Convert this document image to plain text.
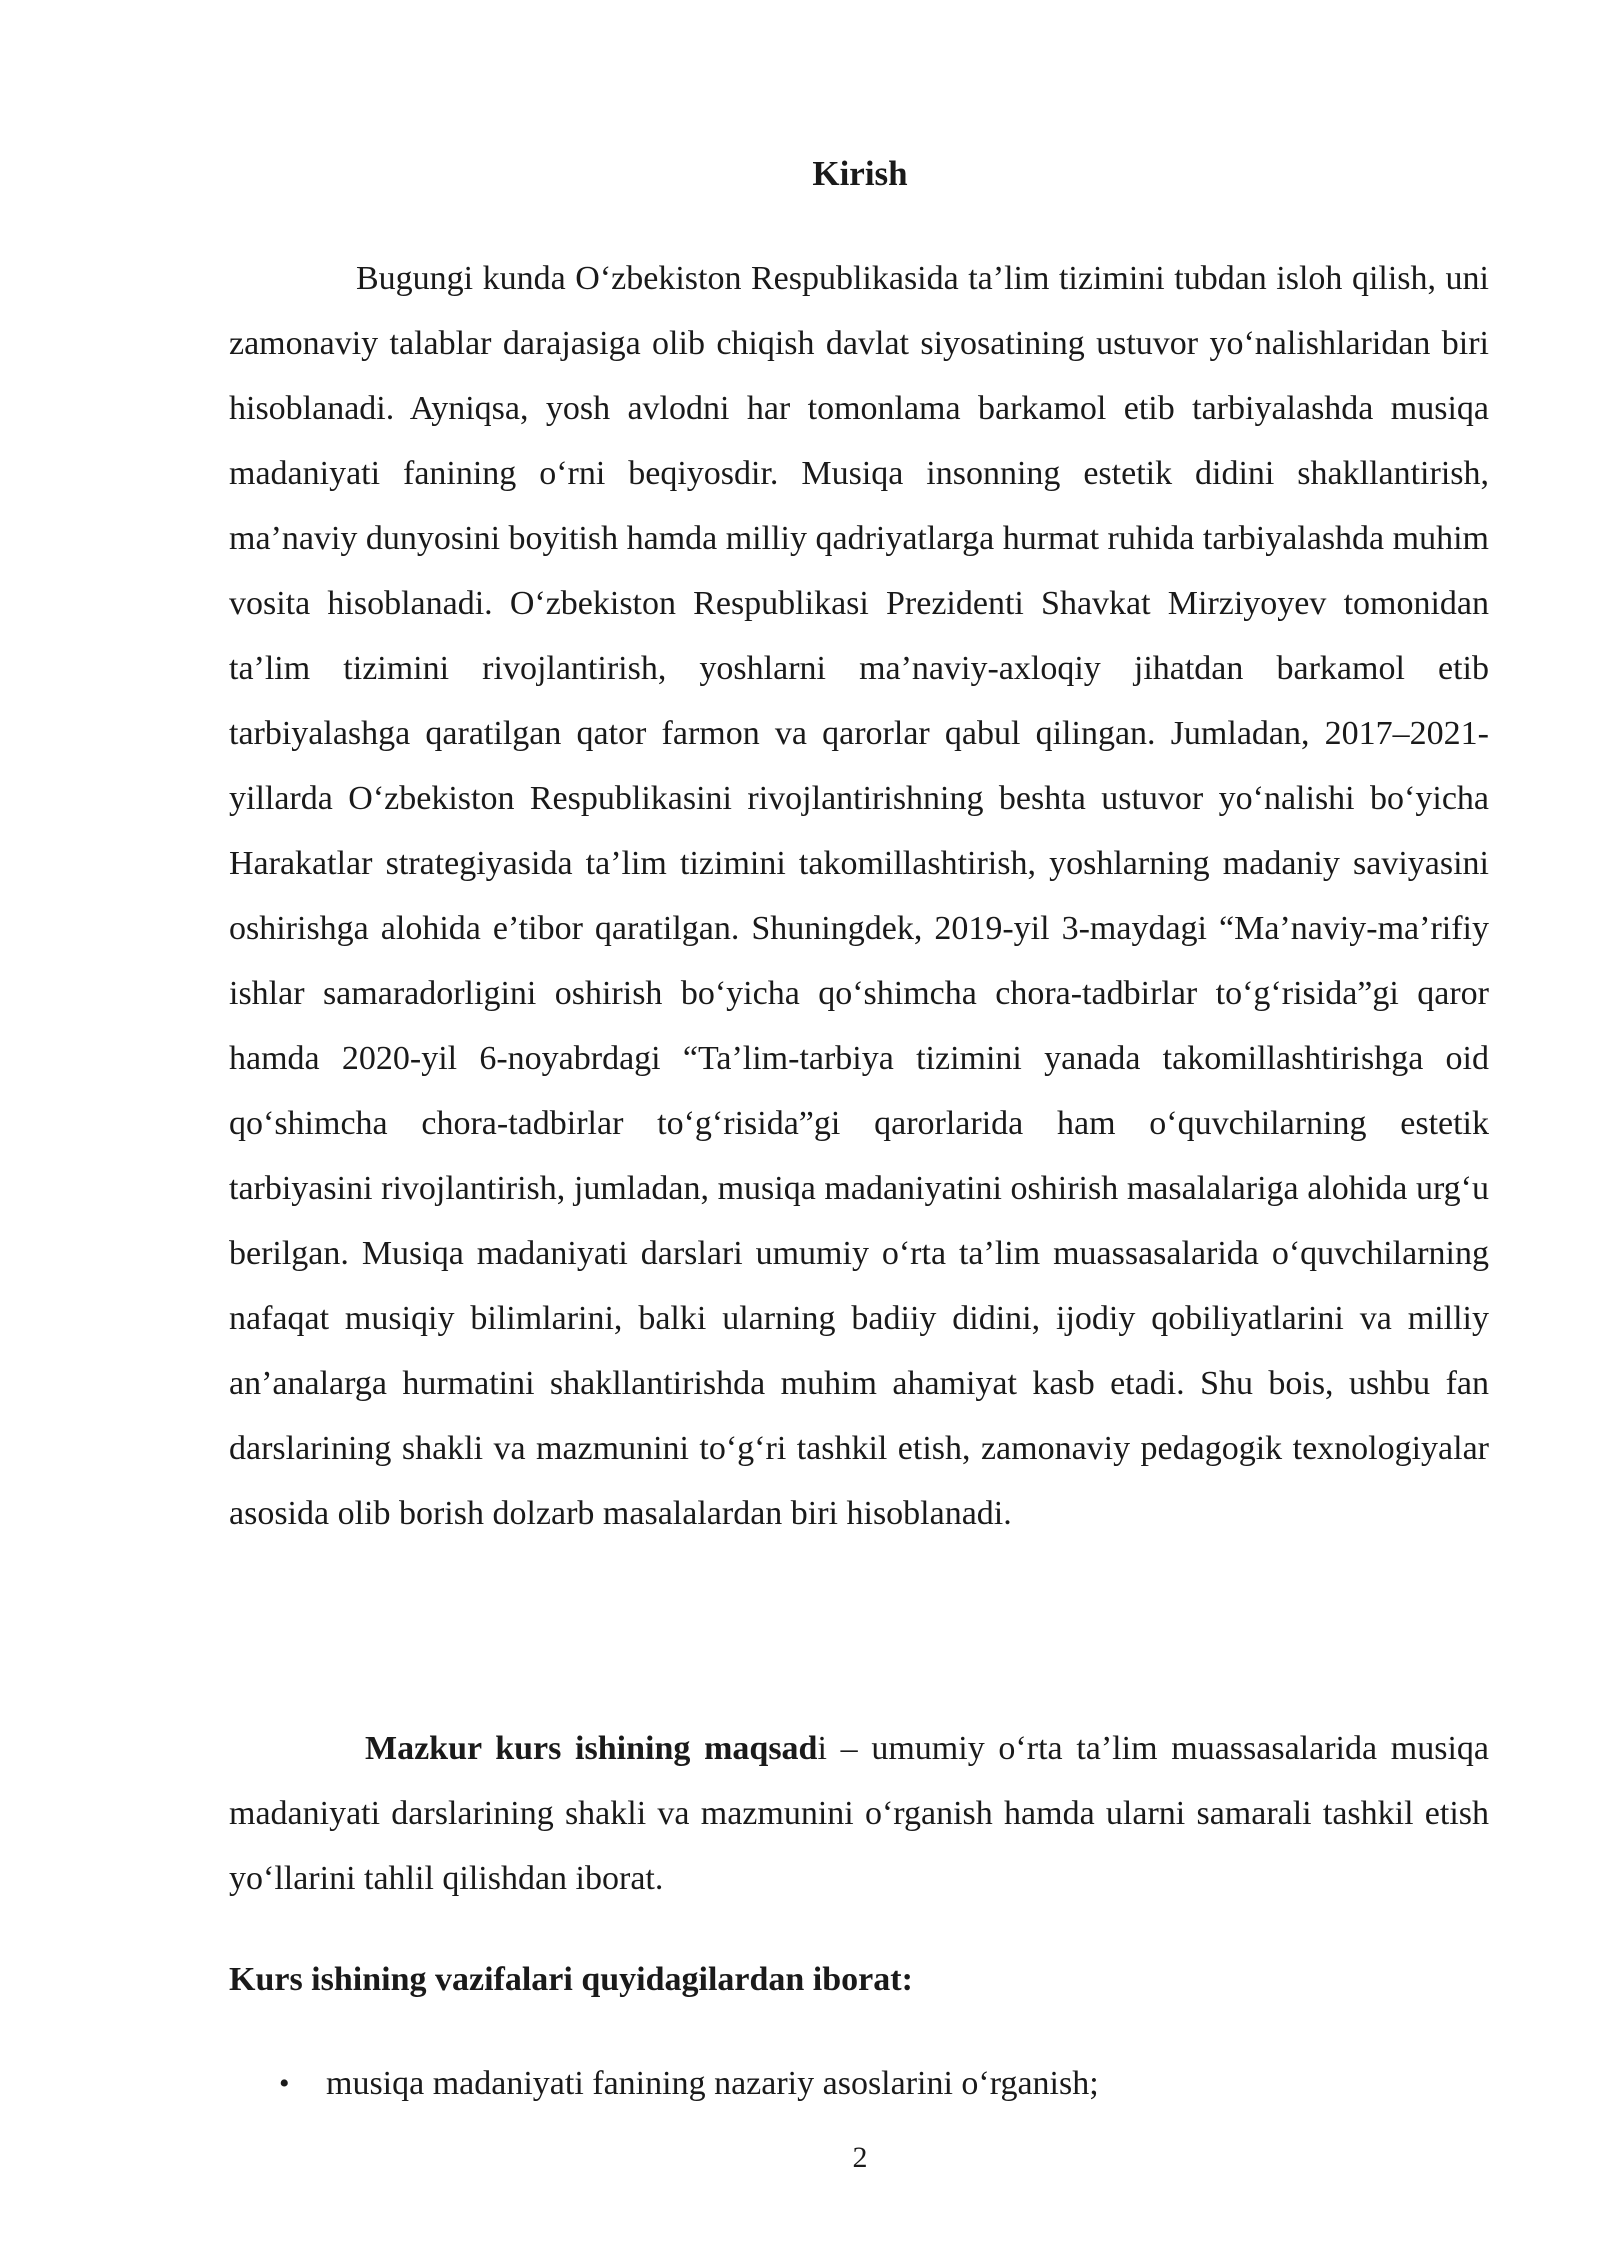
Kirish

Bugungi kunda O‘zbekiston Respublikasida ta’lim tizimini tubdan isloh qilish, uni zamonaviy talablar darajasiga olib chiqish davlat siyosatining ustuvor yo‘nalishlaridan biri hisoblanadi. Ayniqsa, yosh avlodni har tomonlama barkamol etib tarbiyalashda musiqa madaniyati fanining o‘rni beqiyosdir. Musiqa insonning estetik didini shakllantirish, ma’naviy dunyosini boyitish hamda milliy qadriyatlarga hurmat ruhida tarbiyalashda muhim vosita hisoblanadi. O‘zbekiston Respublikasi Prezidenti Shavkat Mirziyoyev tomonidan ta’lim tizimini rivojlantirish, yoshlarni ma’naviy-axloqiy jihatdan barkamol etib tarbiyalashga qaratilgan qator farmon va qarorlar qabul qilingan. Jumladan, 2017–2021-yillarda O‘zbekiston Respublikasini rivojlantirishning beshta ustuvor yo‘nalishi bo‘yicha Harakatlar strategiyasida ta’lim tizimini takomillashtirish, yoshlarning madaniy saviyasini oshirishga alohida e’tibor qaratilgan. Shuningdek, 2019-yil 3-maydagi “Ma’naviy-ma’rifiy ishlar samaradorligini oshirish bo‘yicha qo‘shimcha chora-tadbirlar to‘g‘risida”gi qaror hamda 2020-yil 6-noyabrdagi “Ta’lim-tarbiya tizimini yanada takomillashtirishga oid qo‘shimcha chora-tadbirlar to‘g‘risida”gi qarorlarida ham o‘quvchilarning estetik tarbiyasini rivojlantirish, jumladan, musiqa madaniyatini oshirish masalalariga alohida urg‘u berilgan. Musiqa madaniyati darslari umumiy o‘rta ta’lim muassasalarida o‘quvchilarning nafaqat musiqiy bilimlarini, balki ularning badiiy didini, ijodiy qobiliyatlarini va milliy an’analarga hurmatini shakllantirishda muhim ahamiyat kasb etadi. Shu bois, ushbu fan darslarining shakli va mazmunini to‘g‘ri tashkil etish, zamonaviy pedagogik texnologiyalar asosida olib borish dolzarb masalalardan biri hisoblanadi.

Mazkur kurs ishining maqsadi – umumiy o‘rta ta’lim muassasalarida musiqa madaniyati darslarining shakli va mazmunini o‘rganish hamda ularni samarali tashkil etish yo‘llarini tahlil qilishdan iborat.

Kurs ishining vazifalari quyidagilardan iborat:
• musiqa madaniyati fanining nazariy asoslarini o‘rganish;
2
